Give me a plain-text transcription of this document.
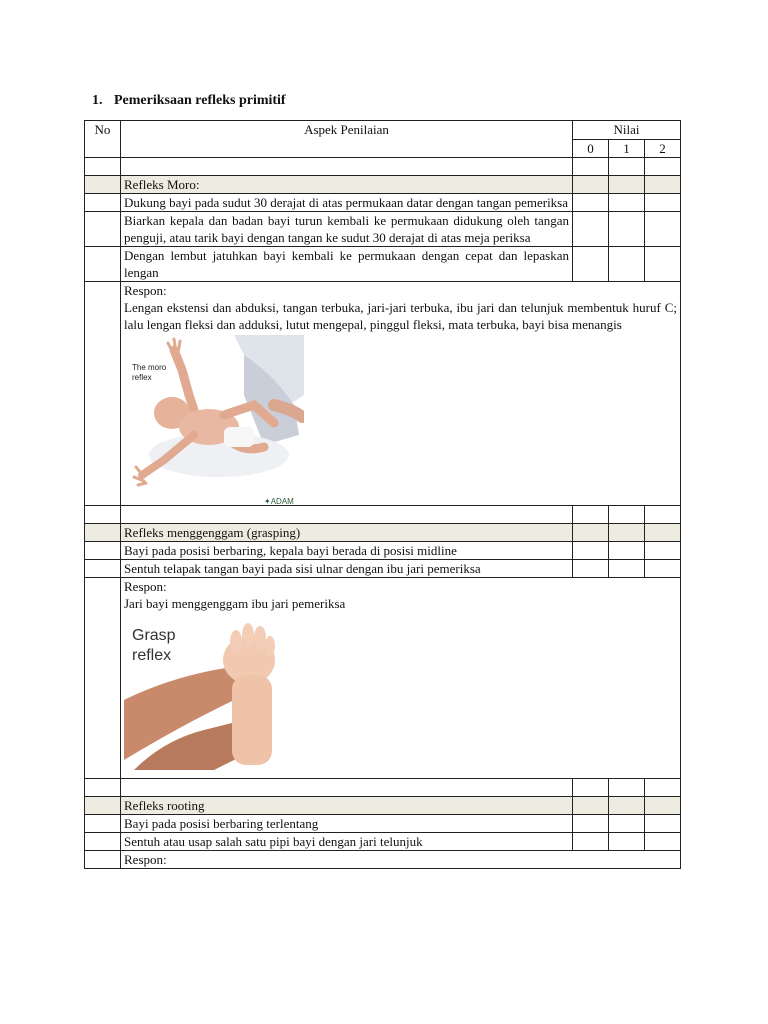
1. Pemeriksaan refleks primitif
No	Aspek Penilaian	Nilai		
		0	1	2

	Refleks Moro:			
	Dukung bayi pada sudut 30 derajat di atas permukaan datar dengan tangan pemeriksa			
	Biarkan kepala dan badan bayi turun kembali ke permukaan didukung oleh tangan penguji, atau tarik bayi dengan tangan ke sudut 30 derajat di atas meja periksa			
	Dengan lembut jatuhkan bayi kembali ke permukaan dengan cepat dan lepaskan lengan			

	Respon:
Lengan ekstensi dan abduksi, tangan terbuka, jari-jari terbuka, ibu jari dan telunjuk membentuk huruf C; lalu lengan fleksi dan adduksi, lutut mengepal, pinggul fleksi, mata terbuka, bayi bisa menangis
The moro
reflex
✦ADAM			

	Refleks menggenggam (grasping)			
	Bayi pada posisi berbaring, kepala bayi berada di posisi midline			
	Sentuh telapak tangan bayi pada sisi ulnar dengan ibu jari pemeriksa			

	Respon:
Jari bayi menggenggam ibu jari pemeriksa
Grasp
reflex			

	Refleks rooting			
	Bayi pada posisi berbaring terlentang			
	Sentuh atau usap salah satu pipi bayi dengan jari telunjuk			
	Respon:			
